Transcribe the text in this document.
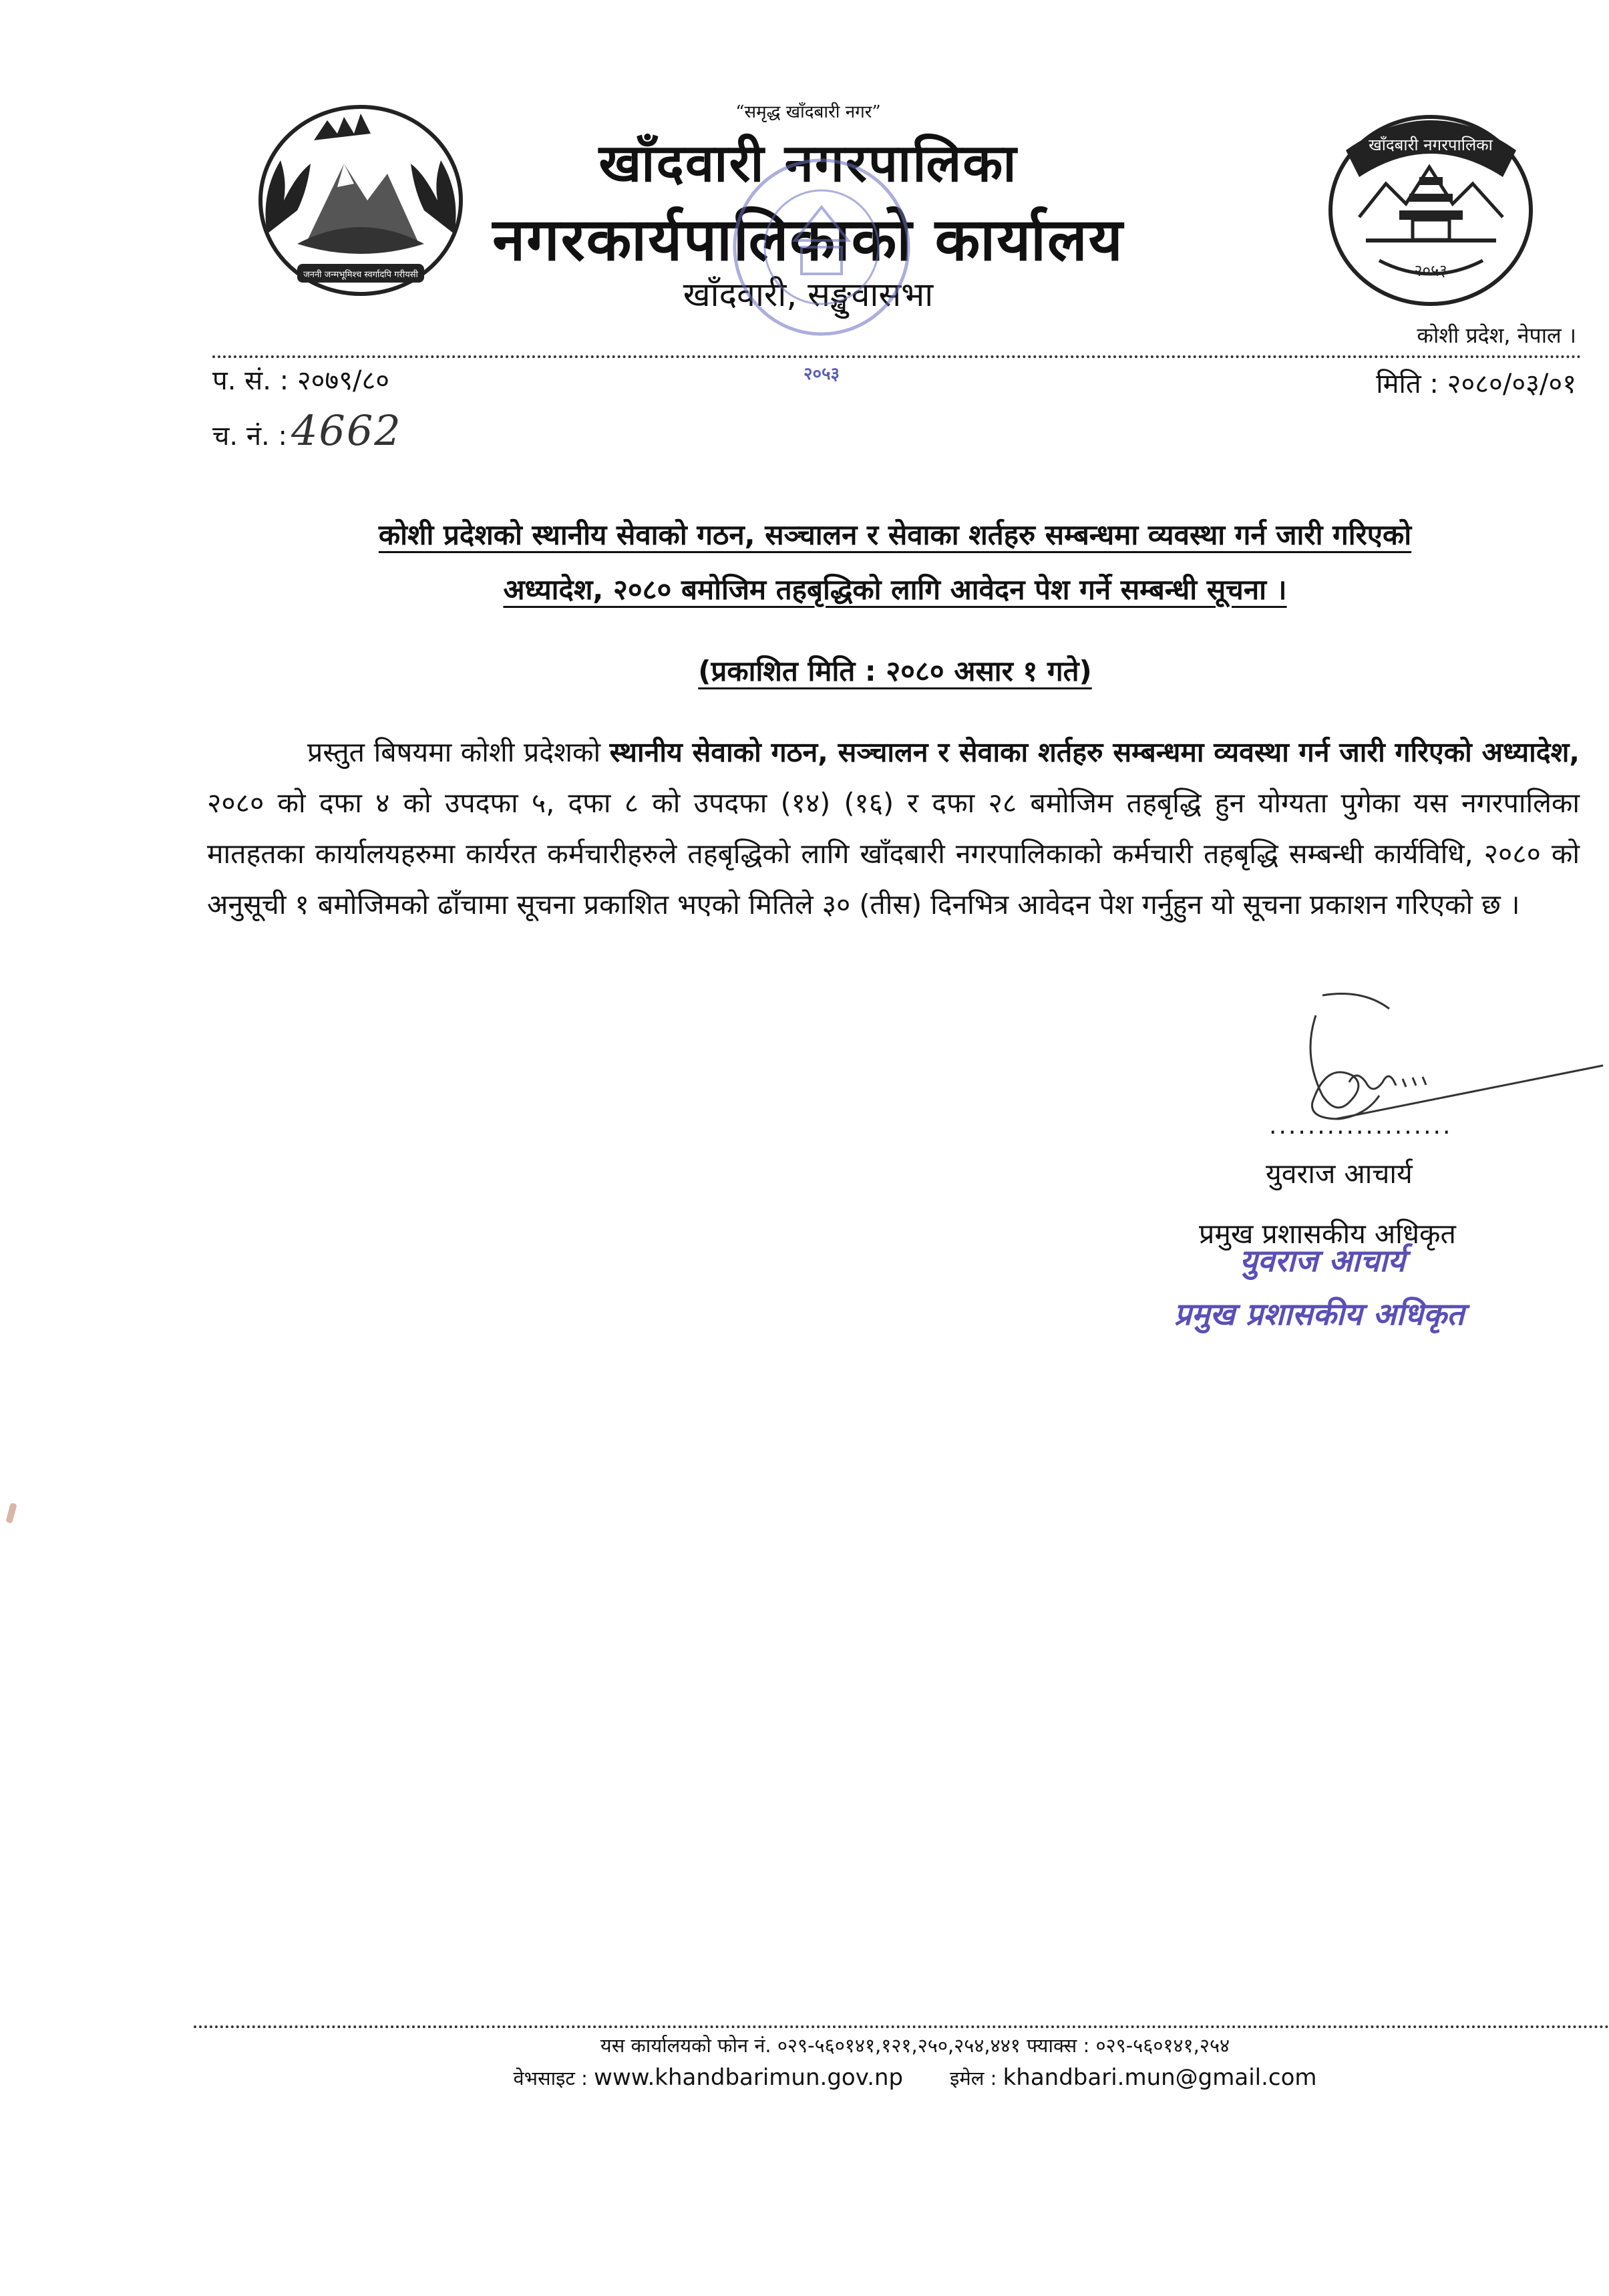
जननी जन्मभूमिश्च स्वर्गादपि गरीयसी
“समृद्ध खाँदबारी नगर”
खाँदवारी नगरपालिका
नगरकार्यपालिकाको कार्यालय
खाँदवारी, सङ्खुवासभा
२०५३
खाँदबारी नगरपालिका
२०५३
कोशी प्रदेश, नेपाल ।
प. सं. : २०७९/८०
च. नं. :4662
मिति : २०८०/०३/०१
कोशी प्रदेशको स्थानीय सेवाको गठन, सञ्चालन र सेवाका शर्तहरु सम्बन्धमा व्यवस्था गर्न जारी गरिएको
अध्यादेश, २०८० बमोजिम तहबृद्धिको लागि आवेदन पेश गर्ने सम्बन्धी सूचना ।
(प्रकाशित मिति : २०८० असार १ गते)
प्रस्तुत बिषयमा कोशी प्रदेशको स्थानीय सेवाको गठन, सञ्चालन र सेवाका शर्तहरु सम्बन्धमा व्यवस्था गर्न जारी गरिएको अध्यादेश, २०८० को दफा ४ को उपदफा ५, दफा ८ को उपदफा (१४) (१६) र दफा २८ बमोजिम तहबृद्धि हुन योग्यता पुगेका यस नगरपालिका मातहतका कार्यालयहरुमा कार्यरत कर्मचारीहरुले तहबृद्धिको लागि खाँदबारी नगरपालिकाको कर्मचारी तहबृद्धि सम्बन्धी कार्यविधि, २०८० को अनुसूची १ बमोजिमको ढाँचामा सूचना प्रकाशित भएको मितिले ३० (तीस) दिनभित्र आवेदन पेश गर्नुहुन यो सूचना प्रकाशन गरिएको छ ।
...................
युवराज आचार्य
प्रमुख प्रशासकीय अधिकृत
युवराज आचार्य
प्रमुख प्रशासकीय अधिकृत
यस कार्यालयको फोन नं. ०२९-५६०१४१,१२१,२५०,२५४,४४१ फ्याक्स : ०२९-५६०१४१,२५४
वेभसाइट : www.khandbarimun.gov.np इमेल : khandbari.mun@gmail.com
